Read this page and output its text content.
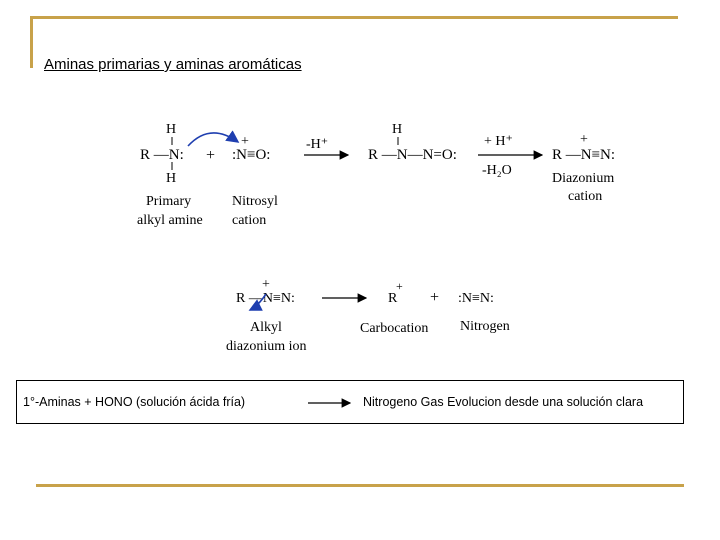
Aminas primarias y aminas aromáticas
H
R —N:
H
Primary
alkyl amine
+
+
:N≡O:
Nitrosyl
cation
-H⁺
H
R —N—N=O:
+ H⁺
-H₂O
+
R —N≡N:
Diazonium
cation
+
R —N≡N:
Alkyl
diazonium ion
R
+
Carbocation
+ :N≡N:
Nitrogen
1°-Aminas + HONO (solución ácida fría)	Nitrogeno Gas Evolucion desde una solución clara
